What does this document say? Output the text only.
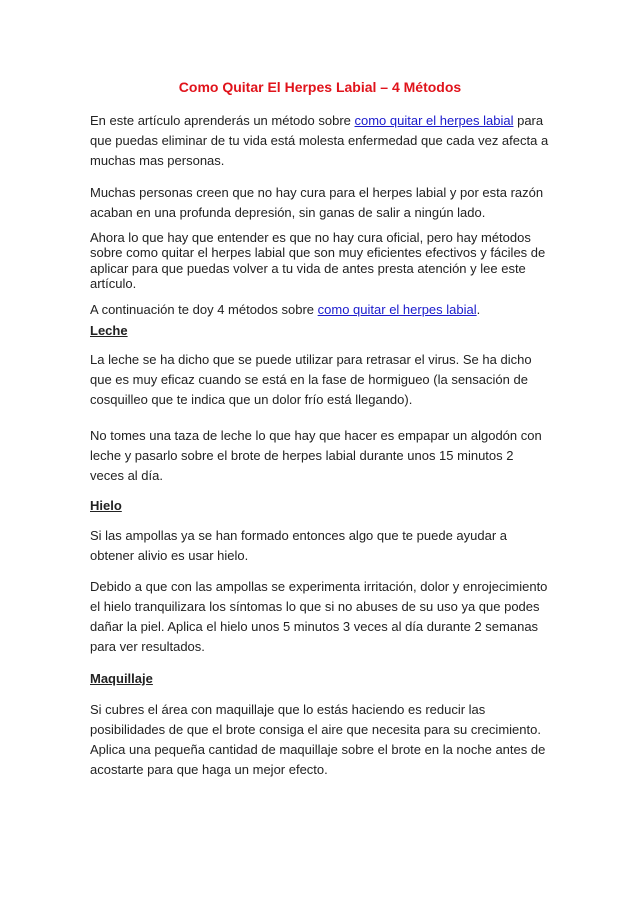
Como Quitar El Herpes Labial – 4 Métodos

En este artículo aprenderás un método sobre como quitar el herpes labial para que puedas eliminar de tu vida está molesta enfermedad que cada vez afecta a muchas mas personas.

Muchas personas creen que no hay cura para el herpes labial y por esta razón acaban en una profunda depresión, sin ganas de salir a ningún lado.

Ahora lo que hay que entender es que no hay cura oficial, pero hay métodos sobre como quitar el herpes labial que son muy eficientes efectivos y fáciles de aplicar para que puedas volver a tu vida de antes presta atención y lee este artículo.

A continuación te doy 4 métodos sobre como quitar el herpes labial.

Leche

La leche se ha dicho que se puede utilizar para retrasar el virus. Se ha dicho que es muy eficaz cuando se está en la fase de hormigueo (la sensación de cosquilleo que te indica que un dolor frío está llegando).

No tomes una taza de leche lo que hay que hacer es empapar un algodón con leche y pasarlo sobre el brote de herpes labial durante unos 15 minutos 2 veces al día.

Hielo

Si las ampollas ya se han formado entonces algo que te puede ayudar a obtener alivio es usar hielo.

Debido a que con las ampollas se experimenta irritación, dolor y enrojecimiento el hielo tranquilizara los síntomas lo que si no abuses de su uso ya que podes dañar la piel. Aplica el hielo unos 5 minutos 3 veces al día durante 2 semanas para ver resultados.

Maquillaje

Si cubres el área con maquillaje que lo estás haciendo es reducir las posibilidades de que el brote consiga el aire que necesita para su crecimiento. Aplica una pequeña cantidad de maquillaje sobre el brote en la noche antes de acostarte para que haga un mejor efecto.
